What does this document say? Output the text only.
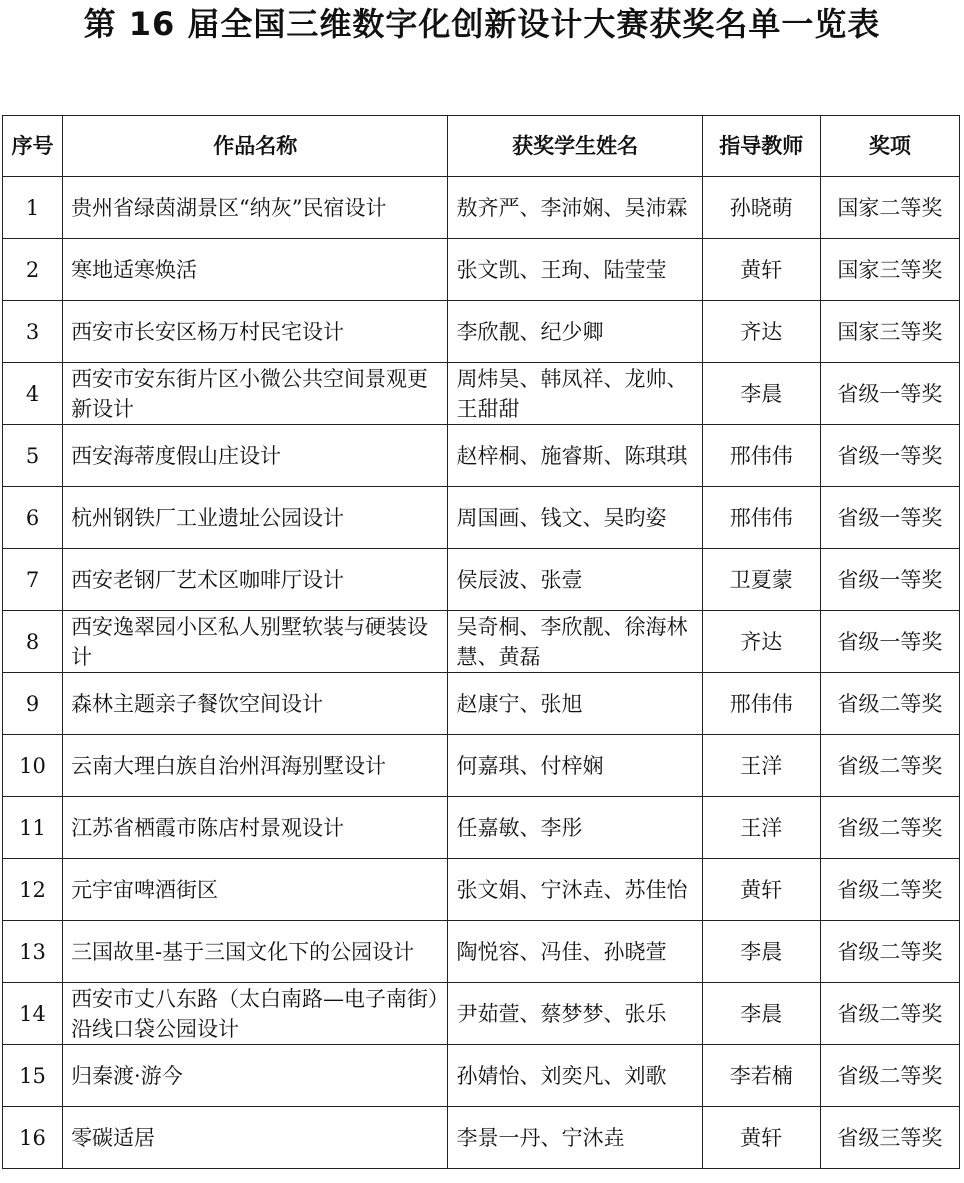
第 16 届全国三维数字化创新设计大赛获奖名单一览表
序号	作品名称	获奖学生姓名	指导教师	奖项
1	贵州省绿茵湖景区“纳灰”民宿设计	敖齐严、李沛娴、吴沛霖	孙晓萌	国家二等奖
2	寒地适寒焕活	张文凯、王珣、陆莹莹	黄轩	国家三等奖
3	西安市长安区杨万村民宅设计	李欣靓、纪少卿	齐达	国家三等奖
4	西安市安东街片区小微公共空间景观更新设计	周炜昊、韩凤祥、龙帅、王甜甜	李晨	省级一等奖
5	西安海蒂度假山庄设计	赵梓桐、施睿斯、陈琪琪	邢伟伟	省级一等奖
6	杭州钢铁厂工业遗址公园设计	周国画、钱文、吴昀姿	邢伟伟	省级一等奖
7	西安老钢厂艺术区咖啡厅设计	侯辰波、张壹	卫夏蒙	省级一等奖
8	西安逸翠园小区私人别墅软装与硬装设计	吴奇桐、李欣靓、徐海林慧、黄磊	齐达	省级一等奖
9	森林主题亲子餐饮空间设计	赵康宁、张旭	邢伟伟	省级二等奖
10	云南大理白族自治州洱海别墅设计	何嘉琪、付梓娴	王洋	省级二等奖
11	江苏省栖霞市陈店村景观设计	任嘉敏、李彤	王洋	省级二等奖
12	元宇宙啤酒街区	张文娟、宁沐垚、苏佳怡	黄轩	省级二等奖
13	三国故里-基于三国文化下的公园设计	陶悦容、冯佳、孙晓萱	李晨	省级二等奖
14	西安市丈八东路（太白南路—电子南街）沿线口袋公园设计	尹茹萱、蔡梦梦、张乐	李晨	省级二等奖
15	归秦渡·游今	孙婧怡、刘奕凡、刘歌	李若楠	省级二等奖
16	零碳适居	李景一丹、宁沐垚	黄轩	省级三等奖
